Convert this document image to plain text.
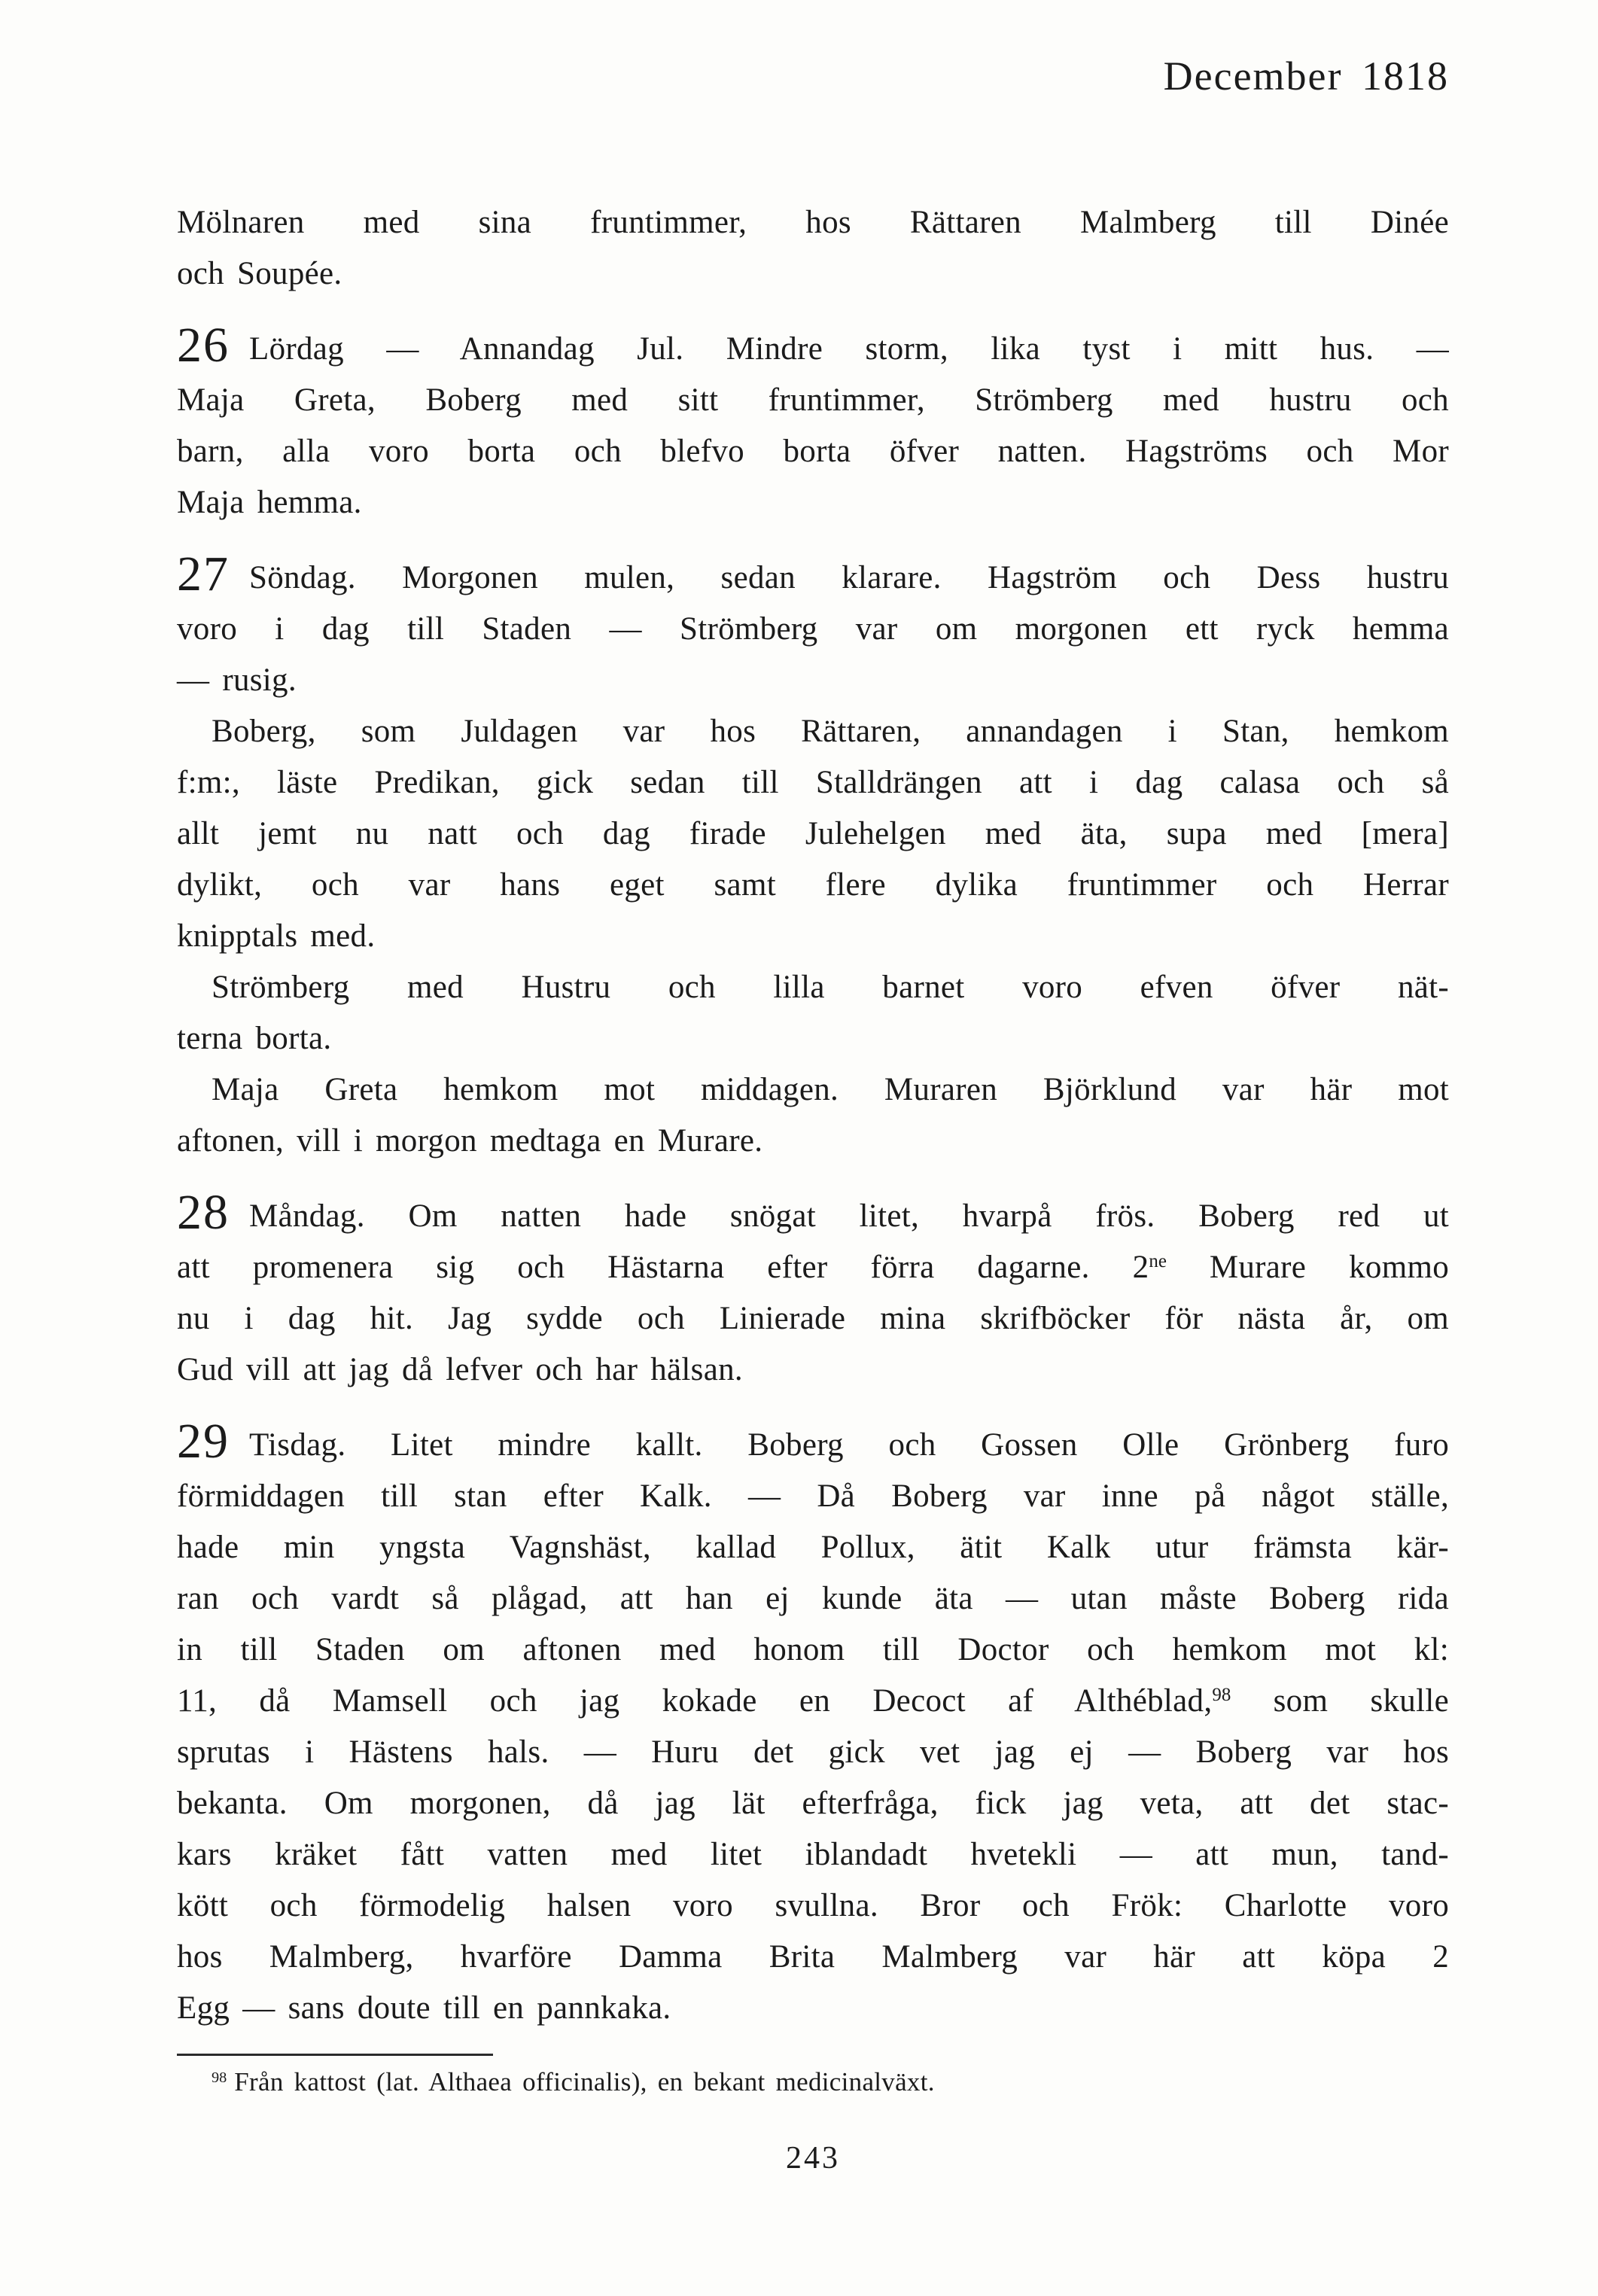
December 1818
Mölnaren med sina fruntimmer, hos Rättaren Malmberg till Dinée
och Soupée.
26 Lördag — Annandag Jul. Mindre storm, lika tyst i mitt hus. —
Maja Greta, Boberg med sitt fruntimmer, Strömberg med hustru och
barn, alla voro borta och blefvo borta öfver natten. Hagströms och Mor
Maja hemma.
27 Söndag. Morgonen mulen, sedan klarare. Hagström och Dess hustru
voro i dag till Staden — Strömberg var om morgonen ett ryck hemma
— rusig.
Boberg, som Juldagen var hos Rättaren, annandagen i Stan, hemkom
f:m:, läste Predikan, gick sedan till Stalldrängen att i dag calasa och så
allt jemt nu natt och dag firade Julehelgen med äta, supa med [mera]
dylikt, och var hans eget samt flere dylika fruntimmer och Herrar
knipptals med.
Strömberg med Hustru och lilla barnet voro efven öfver nät-
terna borta.
Maja Greta hemkom mot middagen. Muraren Björklund var här mot
aftonen, vill i morgon medtaga en Murare.
28 Måndag. Om natten hade snögat litet, hvarpå frös. Boberg red ut
att promenera sig och Hästarna efter förra dagarne. $2^{ne}$ Murare kommo
nu i dag hit. Jag sydde och Linierade mina skrifböcker för nästa år, om
Gud vill att jag då lefver och har hälsan.
29 Tisdag. Litet mindre kallt. Boberg och Gossen Olle Grönberg furo
förmiddagen till stan efter Kalk. — Då Boberg var inne på något ställe,
hade min yngsta Vagnshäst, kallad Pollux, ätit Kalk utur främsta kär-
ran och vardt så plågad, att han ej kunde äta — utan måste Boberg rida
in till Staden om aftonen med honom till Doctor och hemkom mot kl:
11, då Mamsell och jag kokade en Decoct af Althéblad,$^{98}$ som skulle
sprutas i Hästens hals. — Huru det gick vet jag ej — Boberg var hos
bekanta. Om morgonen, då jag lät efterfråga, fick jag veta, att det stac-
kars kräket fått vatten med litet iblandadt hvetekli — att mun, tand-
kött och förmodelig halsen voro svullna. Bror och Frök: Charlotte voro
hos Malmberg, hvarföre Damma Brita Malmberg var här att köpa 2
Egg — sans doute till en pannkaka.
$^{98}$ Från kattost (lat. Althaea officinalis), en bekant medicinalväxt.
243
